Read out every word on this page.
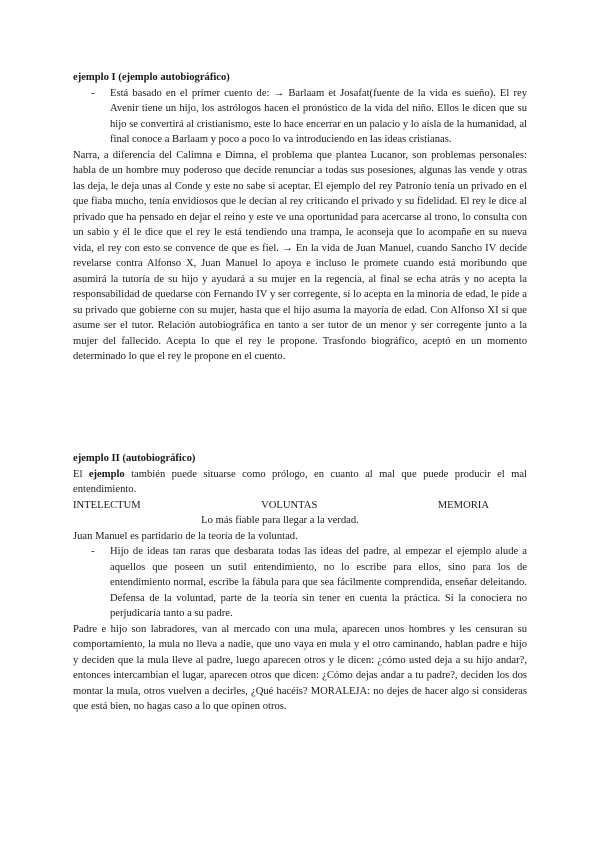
ejemplo I (ejemplo autobiográfico)
- Está basado en el primer cuento de: → Barlaam et Josafat(fuente de la vida es sueño). El rey Avenir tiene un hijo, los astrólogos hacen el pronóstico de la vida del niño. Ellos le dicen que su hijo se convertirá al cristianismo, este lo hace encerrar en un palacio y lo aísla de la humanidad, al final conoce a Barlaam y poco a poco lo va introduciendo en las ideas cristianas.

Narra, a diferencia del Calimna e Dimna, el problema que plantea Lucanor, son problemas personales: habla de un hombre muy poderoso que decide renunciar a todas sus posesiones, algunas las vende y otras las deja, le deja unas al Conde y este no sabe si aceptar. El ejemplo del rey Patronio tenía un privado en el que fiaba mucho, tenía envidiosos que le decían al rey criticando el privado y su fidelidad. El rey le dice al privado que ha pensado en dejar el reino y este ve una oportunidad para acercarse al trono, lo consulta con un sabio y él le dice que el rey le está tendiendo una trampa, le aconseja que lo acompañe en su nueva vida, el rey con esto se convence de que es fiel. → En la vida de Juan Manuel, cuando Sancho IV decide revelarse contra Alfonso X, Juan Manuel lo apoya e incluso le promete cuando está moribundo que asumirá la tutoría de su hijo y ayudará a su mujer en la regencia, al final se echa atrás y no acepta la responsabilidad de quedarse con Fernando IV y ser corregente, sí lo acepta en la minoría de edad, le pide a su privado que gobierne con su mujer, hasta que el hijo asuma la mayoría de edad. Con Alfonso XI sí que asume ser el tutor. Relación autobiográfica en tanto a ser tutor de un menor y ser corregente junto a la mujer del fallecido. Acepta lo que el rey le propone. Trasfondo biográfico, aceptó en un momento determinado lo que el rey le propone en el cuento.

ejemplo II (autobiográfico)

El ejemplo también puede situarse como prólogo, en cuanto al mal que puede producir el mal entendimiento.

INTELECTUM	VOLUNTAS	MEMORIA
Lo más fiable para llegar a la verdad.
Juan Manuel es partidario de la teoría de la voluntad.
- Hijo de ideas tan raras que desbarata todas las ideas del padre, al empezar el ejemplo alude a aquellos que poseen un sutil entendimiento, no lo escribe para ellos, sino para los de entendimiento normal, escribe la fábula para que sea fácilmente comprendida, enseñar deleitando. Defensa de la voluntad, parte de la teoría sin tener en cuenta la práctica. Si la conociera no perjudicaría tanto a su padre.

Padre e hijo son labradores, van al mercado con una mula, aparecen unos hombres y les censuran su comportamiento, la mula no lleva a nadie, que uno vaya en mula y el otro caminando, hablan padre e hijo y deciden que la mula lleve al padre, luego aparecen otros y le dicen: ¿cómo usted deja a su hijo andar?, entonces intercambian el lugar, aparecen otros que dicen: ¿Cómo dejas andar a tu padre?, deciden los dos montar la mula, otros vuelven a decirles, ¿Qué hacéis? MORALEJA: no dejes de hacer algo si consideras que está bien, no hagas caso a lo que opinen otros.
